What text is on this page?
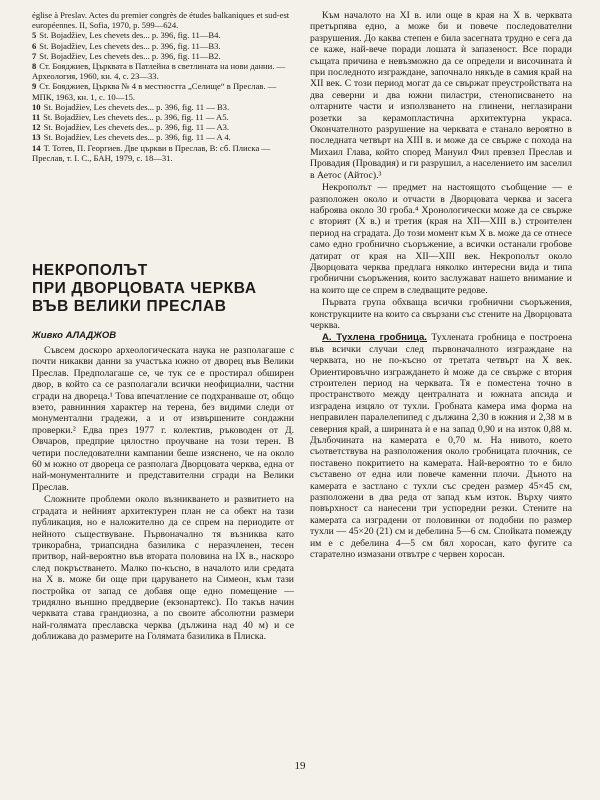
église à Preslav. Actes du premier congrès de études balkaniques et sud-est européennes. II, Sofia, 1970, p. 599—624.
5 St. Bojadžiev, Les chevets des... p. 396, fig. 11—B4.
6 St. Bojadžiev, Les chevets des... p. 396, fig. 11—B3.
7 St. Bojadžiev, Les chevets des... p. 396, fig. 11—B2.
8 Ст. Бояджиев, Църквата в Патлейна в светлината на нови данни. — Археология, 1960, кн. 4, с. 23—33.
9 Ст. Бояджиев, Църква № 4 в местността „Селище“ в Преслав. — МПК, 1963, кн. 1, с. 10—15.
10 St. Bojadžiev, Les chevets des... p. 396, fig. 11 — B3.
11 St. Bojadžiev, Les chevets des... p. 396, fig. 11 — A5.
12 St. Bojadžiev, Les chevets des... p. 396, fig. 11 — A3.
13 St. Bojadžiev, Les chevets des... p. 396, fig. 11 — A 4.
14 Т. Тотев, П. Георгиев. Две църкви в Преслав, В: сб. Плиска — Преслав, т. I. С., БАН, 1979, с. 18—31.
НЕКРОПОЛЪТ
ПРИ ДВОРЦОВАТА ЧЕРКВА
ВЪВ ВЕЛИКИ ПРЕСЛАВ

Живко АЛАДЖОВ

Съвсем доскоро археологическата наука не разполагаше с почти никакви данни за участъка южно от дворец във Велики Преслав. Предполагаше се, че тук се е простирал обширен двор, в който са се разполагали всички неофициални, частни сгради на двореца.¹ Това впечатление се подхранваше от, общо взето, равнинния характер на терена, без видими следи от монументални градежи, а и от извършените сондажни проверки.² Едва през 1977 г. колектив, ръководен от Д. Овчаров, предприе цялостно проучване на този терен. В четири последователни кампании беше изяснено, че на около 60 м южно от двореца се разполага Дворцовата черква, една от най-монументалните и представителни сгради на Велики Преслав.

Сложните проблеми около възникването и развитието на сградата и нейният архитектурен план не са обект на тази публикация, но е наложително да се спрем на периодите от нейното съществуване. Първоначално тя възниква като трикорабна, триапсидна базилика с неразчленен, тесен притвор, най-вероятно във втората половина на IX в., наскоро след покръстването. Малко по-късно, в началото или средата на X в. може би още при царуването на Симеон, към тази постройка от запад се добавя още едно помещение — тридялно външно преддверие (екзонартекс). По такъв начин черквата става грандиозна, а по своите абсолютни размери най-голямата преславска черква (дължина над 40 м) и се доближава до размерите на Голямата базилика в Плиска.

Към началото на XI в. или още в края на X в. черквата претърпява едно, а може би и повече последователни разрушения. До каква степен е била засегната трудно е сега да се каже, най-вече поради лошата ѝ запазеност. Все поради същата причина е невъзможно да се определи и височината ѝ при последното изграждане, започнало някъде в самия край на XII век. С този период могат да се свържат преустройствата на два северни и два южни пиластри, стенописването на олтарните части и използването на глинени, неглазирани розетки за керамопластична архитектурна украса. Окончателното разрушение на черквата е станало вероятно в последната четвърт на XIII в. и може да се свърже с похода на Михаил Глава, който според Мануил Фил превзел Преслав и Провадия (Провадия) и ги разрушил, а населението им заселил в Аетос (Айтос).³

Некрополът — предмет на настоящото съобщение — е разположен около и отчасти в Дворцовата черква и засега наброява около 30 гроба.⁴ Хронологически може да се свърже с вторият (X в.) и третия (края на XII—XIII в.) строителен период на сградата. До този момент към X в. може да се отнесе само едно гробнично съоръжение, а всички останали гробове датират от края на XII—XIII век. Некрополът около Дворцовата черква предлага няколко интересни вида и типа гробнични съоръжения, които заслужават нашето внимание и на които ще се спрем в следващите редове.

Първата група обхваща всички гробнични съоръжения, конструкциите на които са свързани със стените на Дворцовата черква.

А. Тухлена гробница. Тухлената гробница е построена във всички случаи след първоначалното изграждане на черквата, но не по-късно от третата четвърт на X век. Ориентировъчно изграждането ѝ може да се свърже с втория строителен период на черквата. Тя е поместена точно в пространството между централната и южната апсида и изградена изцяло от тухли. Гробната камера има форма на неправилен паралелепипед с дължина 2,30 в южния и 2,38 м в северния край, а ширината ѝ е на запад 0,90 и на изток 0,88 м. Дълбочината на камерата е 0,70 м. На нивото, което съответствува на разположения около гробницата плочник, се поставено покритието на камерата. Най-вероятно то е било съставено от една или повече каменни плочи. Дъното на камерата е застлано с тухли със среден размер 45×45 см, разположени в два реда от запад към изток. Върху чиято повърхност са нанесени три успоредни резки. Стените на камерата са изградени от половинки от подобни по размер тухли — 45×20 (21) см и дебелина 5—6 см. Спойката помежду им е с дебелина 4—5 см бял хоросан, като фугите са старателно измазани отвътре с червен хоросан.

19
